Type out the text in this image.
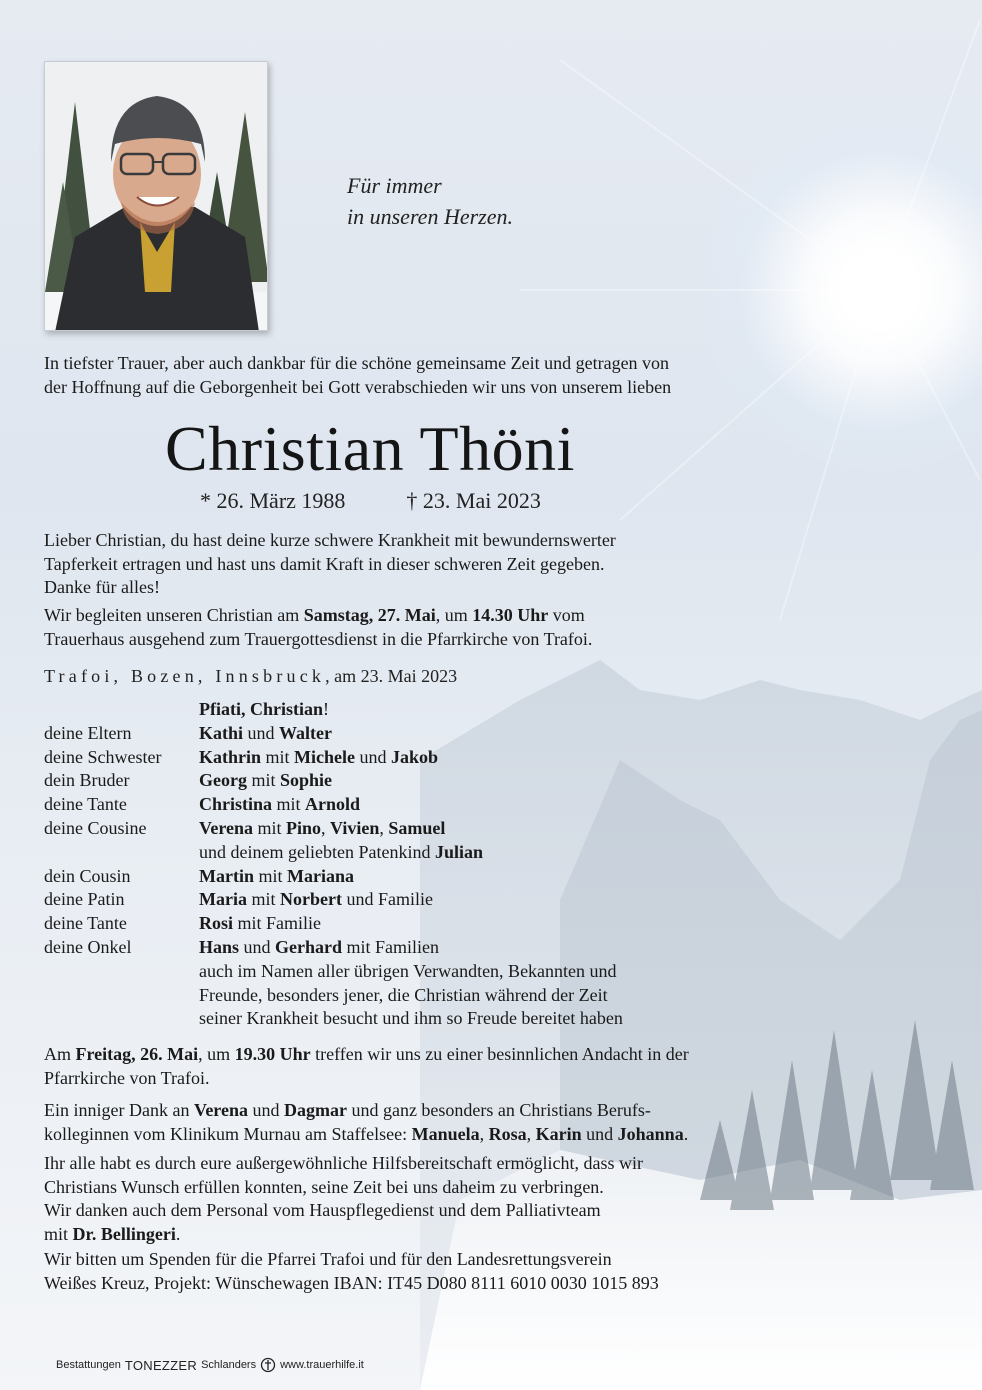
Für immer
in unseren Herzen.
In tiefster Trauer, aber auch dankbar für die schöne gemeinsame Zeit und getragen von
der Hoffnung auf die Geborgenheit bei Gott verabschieden wir uns von unserem lieben
Christian Thöni
* 26. März 1988	† 23. Mai 2023
Lieber Christian, du hast deine kurze schwere Krankheit mit bewundernswerter
Tapferkeit ertragen und hast uns damit Kraft in dieser schweren Zeit gegeben.
Danke für alles!
Wir begleiten unseren Christian am Samstag, 27. Mai, um 14.30 Uhr vom
Trauerhaus ausgehend zum Trauergottesdienst in die Pfarrkirche von Trafoi.
Trafoi, Bozen, Innsbruck, am 23. Mai 2023
Pfiati, Christian!
deine Eltern	Kathi und Walter
deine Schwester	Kathrin mit Michele und Jakob
dein Bruder	Georg mit Sophie
deine Tante	Christina mit Arnold
deine Cousine	Verena mit Pino, Vivien, Samuel
und deinem geliebten Patenkind Julian
dein Cousin	Martin mit Mariana
deine Patin	Maria mit Norbert und Familie
deine Tante	Rosi mit Familie
deine Onkel	Hans und Gerhard mit Familien
auch im Namen aller übrigen Verwandten, Bekannten und
Freunde, besonders jener, die Christian während der Zeit
seiner Krankheit besucht und ihm so Freude bereitet haben
Am Freitag, 26. Mai, um 19.30 Uhr treffen wir uns zu einer besinnlichen Andacht in der
Pfarrkirche von Trafoi.
Ein inniger Dank an Verena und Dagmar und ganz besonders an Christians Berufs-
kolleginnen vom Klinikum Murnau am Staffelsee: Manuela, Rosa, Karin und Johanna.
Ihr alle habt es durch eure außergewöhnliche Hilfsbereitschaft ermöglicht, dass wir
Christians Wunsch erfüllen konnten, seine Zeit bei uns daheim zu verbringen.
Wir danken auch dem Personal vom Hauspflegedienst und dem Palliativteam
mit Dr. Bellingeri.
Wir bitten um Spenden für die Pfarrei Trafoi und für den Landesrettungsverein
Weißes Kreuz, Projekt: Wünschewagen IBAN: IT45 D080 8111 6010 0030 1015 893
Bestattungen TONEZZER Schlanders www.trauerhilfe.it
